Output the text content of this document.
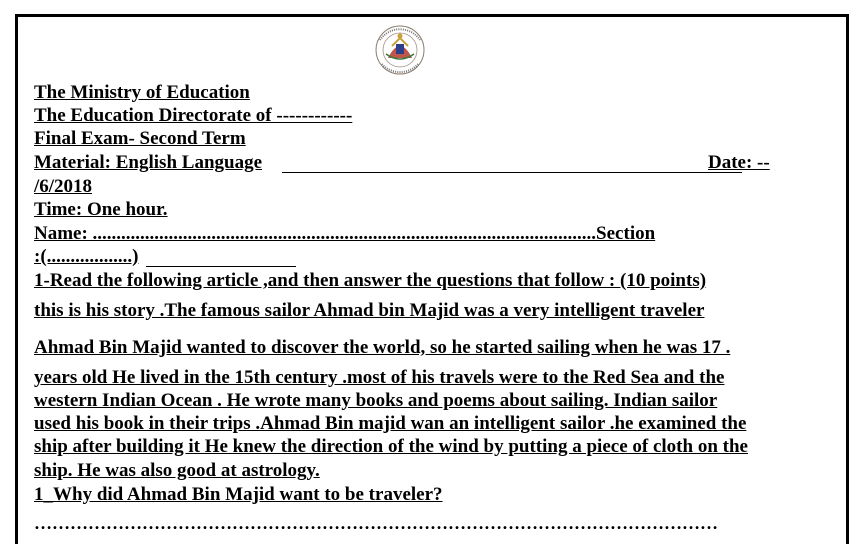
The Ministry of Education
The Education Directorate of ------------
Final Exam- Second Term
Material: English Language	Date: --
/6/2018
Time: One hour.
Name: ..........................................................................................................Section
:(..................)
1-Read the following article ,and then answer the questions that follow : (10 points)
this is his story .The famous sailor Ahmad bin Majid was a very intelligent traveler
Ahmad Bin Majid wanted to discover the world, so he started sailing when he was 17 .
years old He lived in the 15th century .most of his travels were to the Red Sea and the
western Indian Ocean . He wrote many books and poems about sailing. Indian sailor
used his book in their trips .Ahmad Bin majid wan an intelligent sailor .he examined the
ship after building it He knew the direction of the wind by putting a piece of cloth on the
ship. He was also good at astrology.
1_Why did Ahmad Bin Majid want to be traveler?
……………………………………………………………………………………………………
